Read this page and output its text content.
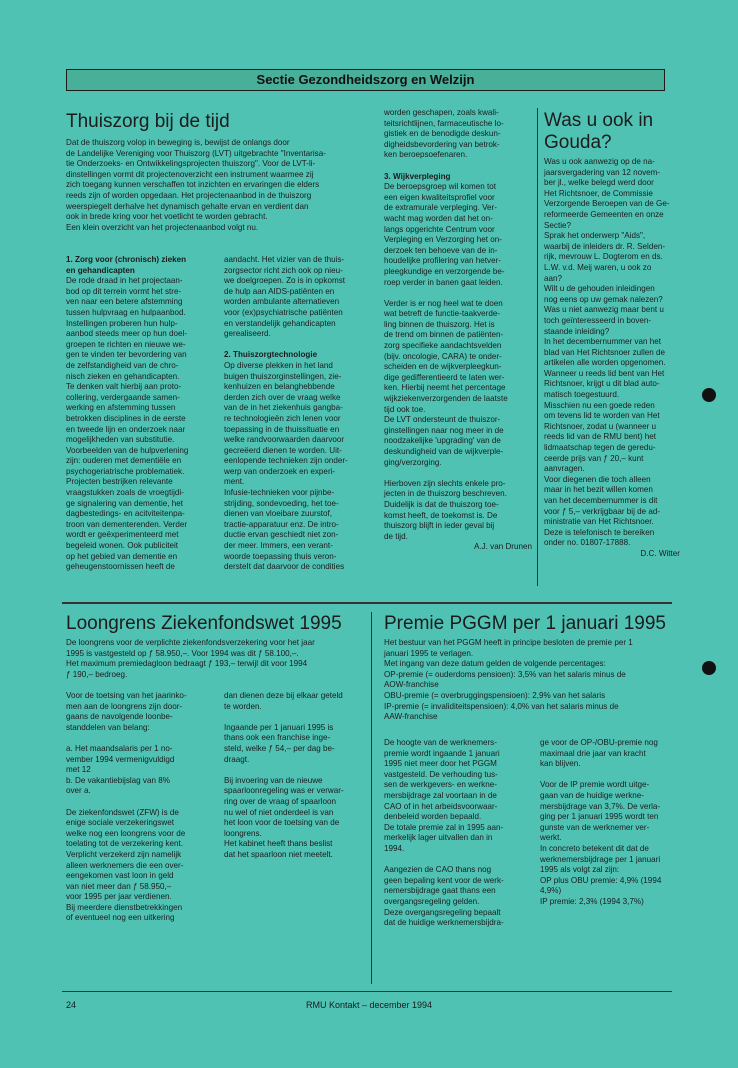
Sectie Gezondheidszorg en Welzijn
Thuiszorg bij de tijd

Dat de thuiszorg volop in beweging is, bewijst de onlangs door
de Landelijke Vereniging voor Thuiszorg (LVT) uitgebrachte "Inventarisa-
tie Onderzoeks- en Ontwikkelingsprojecten thuiszorg". Voor de LVT-li-
dinstellingen vormt dit projectenoverzicht een instrument waarmee zij
zich toegang kunnen verschaffen tot inzichten en ervaringen die elders
reeds zijn of worden opgedaan. Het projectenaanbod in de thuiszorg
weerspiegelt derhalve het dynamisch gehalte ervan en verdient dan
ook in brede kring voor het voetlicht te worden gebracht.
Een klein overzicht van het projectenaanbod volgt nu.

1. Zorg voor (chronisch) zieken
en gehandicapten

De rode draad in het projectaan-
bod op dit terrein vormt het stre-
ven naar een betere afstemming
tussen hulpvraag en hulpaanbod.
Instellingen proberen hun hulp-
aanbod steeds meer op hun doel-
groepen te richten en nieuwe we-
gen te vinden ter bevordering van
de zelfstandigheid van de chro-
nisch zieken en gehandicapten.
Te denken valt hierbij aan proto-
collering, verdergaande samen-
werking en afstemming tussen
betrokken disciplines in de eerste
en tweede lijn en onderzoek naar
mogelijkheden van substitutie.
Voorbeelden van de hulpverlening
zijn: ouderen met dementiële en
psychogeriatrische problematiek.
Projecten bestrijken relevante
vraagstukken zoals de vroegtijdi-
ge signalering van dementie, het
dagbestedings- en acitviteitenpa-
troon van dementerenden. Verder
wordt er geëxperimenteerd met
begeleid wonen. Ook publiciteit
op het gebied van dementie en
geheugenstoornissen heeft de

aandacht. Het vizier van de thuis-
zorgsector richt zich ook op nieu-
we doelgroepen. Zo is in opkomst
de hulp aan AIDS-patiënten en
worden ambulante alternatieven
voor (ex)psychiatrische patiënten
en verstandelijk gehandicapten
gerealiseerd.

2. Thuiszorgtechnologie

Op diverse plekken in het land
buigen thuiszorginstellingen, zie-
kenhuizen en belanghebbende
derden zich over de vraag welke
van de in het ziekenhuis gangba-
re technologieën zich lenen voor
toepassing in de thuissituatie en
welke randvoorwaarden daarvoor
gecreëerd dienen te worden. Uit-
eenlopende technieken zijn onder-
werp van onderzoek en experi-
ment.
Infusie-technieken voor pijnbe-
strijding, sondevoeding, het toe-
dienen van vloeibare zuurstof,
tractie-apparatuur enz. De intro-
ductie ervan geschiedt niet zon-
der meer. Immers, een verant-
woorde toepassing thuis veron-
dersteIt dat daarvoor de condities

worden geschapen, zoals kwali-
teitsrichtlijnen, farmaceutische lo-
gistiek en de benodigde deskun-
digheidsbevordering van betrok-
ken beroepsoefenaren.

3. Wijkverpleging

De beroepsgroep wil komen tot
een eigen kwaliteitsprofiel voor
de extramurale verpleging. Ver-
wacht mag worden dat het on-
langs opgerichte Centrum voor
Verpleging en Verzorging het on-
derzoek ten behoeve van de in-
houdelijke profilering van hetver-
pleegkundige en verzorgende be-
roep verder in banen gaat leiden.

Verder is er nog heel wat te doen
wat betreft de functie-taakverde-
ling binnen de thuiszorg. Het is
de trend om binnen de patiënten-
zorg specifieke aandachtsvelden
(bijv. oncologie, CARA) te onder-
scheiden en de wijkverpleegkun-
dige gedifferentieerd te laten wer-
ken. Hierbij neemt het percentage
wijkziekenverzorgenden de laatste
tijd ook toe.
De LVT ondersteunt de thuiszor-
ginstellingen naar nog meer in de
noodzakelijke 'upgrading' van de
deskundigheid van de wijkverple-
ging/verzorging.

Hierboven zijn slechts enkele pro-
jecten in de thuiszorg beschreven.
Duidelijk is dat de thuiszorg toe-
komst heeft, de toekomst is. De
thuiszorg blijft in ieder geval bij
de tijd.

A.J. van Drunen
Was u ook in
Gouda?

Was u ook aanwezig op de na-
jaarsvergadering van 12 novem-
ber jl., welke belegd werd door
Het Richtsnoer, de Commissie
Verzorgende Beroepen van de Ge-
reformeerde Gemeenten en onze
Sectie?
Sprak het onderwerp "Aids",
waarbij de inleiders dr. R. Selden-
rijk, mevrouw L. Dogterom en ds.
L.W. v.d. Meij waren, u ook zo
aan?
Wilt u de gehouden inleidingen
nog eens op uw gemak nalezen?
Was u niet aanwezig maar bent u
toch geïnteresseerd in boven-
staande inleiding?
In het decembernummer van het
blad van Het Richtsnoer zullen de
artikelen alle worden opgenomen.
Wanneer u reeds lid bent van Het
Richtsnoer, krijgt u dit blad auto-
matisch toegestuurd.
Misschien nu een goede reden
om tevens lid te worden van Het
Richtsnoer, zodat u (wanneer u
reeds lid van de RMU bent) het
lidmaatschap tegen de geredu-
ceerde prijs van ƒ 20,– kunt
aanvragen.
Voor diegenen die toch alleen
maar in het bezit willen komen
van het decembernummer is dit
voor ƒ 5,– verkrijgbaar bij de ad-
ministratie van Het Richtsnoer.
Deze is telefonisch te bereiken
onder no. 01807-17888.

D.C. Witter
Loongrens Ziekenfondswet 1995

De loongrens voor de verplichte ziekenfondsverzekering voor het jaar
1995 is vastgesteld op ƒ 58.950,–. Voor 1994 was dit ƒ 58.100,–.
Het maximum premiedagloon bedraagt ƒ 193,– terwijl dit voor 1994
ƒ 190,– bedroeg.

Voor de toetsing van het jaarinko-
men aan de loongrens zijn door-
gaans de navolgende loonbe-
standdelen van belang:

a. Het maandsalaris per 1 no-
vember 1994 vermenigvuldigd
met 12
b. De vakantiebijslag van 8%
over a.

De ziekenfondswet (ZFW) is de
enige sociale verzekeringswet
welke nog een loongrens voor de
toelating tot de verzekering kent.
Verplicht verzekerd zijn namelijk
alleen werknemers die een over-
eengekomen vast loon in geld
van niet meer dan ƒ 58.950,–
voor 1995 per jaar verdienen.
Bij meerdere dienstbetrekkingen
of eventueel nog een uitkering

dan dienen deze bij elkaar geteld
te worden.

Ingaande per 1 januari 1995 is
thans ook een franchise inge-
steld, welke ƒ 54,– per dag be-
draagt.

Bij invoering van de nieuwe
spaarloonregeling was er verwar-
ring over de vraag of spaarloon
nu wel of niet onderdeel is van
het loon voor de toetsing van de
loongrens.
Het kabinet heeft thans beslist
dat het spaarloon niet meetelt.

Premie PGGM per 1 januari 1995

Het bestuur van het PGGM heeft in principe besloten de premie per 1
januari 1995 te verlagen.
Met ingang van deze datum gelden de volgende percentages:
OP-premie (= ouderdoms pensioen): 3,5% van het salaris minus de
AOW-franchise
OBU-premie (= overbruggingspensioen): 2,9% van het salaris
IP-premie (= invaliditeitspensioen): 4,0% van het salaris minus de
AAW-franchise

De hoogte van de werknemers-
premie wordt ingaande 1 januari
1995 niet meer door het PGGM
vastgesteld. De verhouding tus-
sen de werkgevers- en werkne-
mersbijdrage zal voortaan in de
CAO of in het arbeidsvoorwaar-
denbeleid worden bepaald.
De totale premie zal in 1995 aan-
merkelijk lager uitvallen dan in
1994.

Aangezien de CAO thans nog
geen bepaling kent voor de werk-
nemersbijdrage gaat thans een
overgangsregeling gelden.
Deze overgangsregeling bepaalt
dat de huidige werknemersbijdra-

ge voor de OP-/OBU-premie nog
maximaal drie jaar van kracht
kan blijven.

Voor de IP premie wordt uitge-
gaan van de huidige werkne-
mersbijdrage van 3,7%. De verla-
ging per 1 januari 1995 wordt ten
gunste van de werknemer ver-
werkt.
In concreto betekent dit dat de
werknemersbijdrage per 1 januari
1995 als volgt zal zijn:
OP plus OBU premie: 4,9% (1994
4,9%)
IP premie: 2,3% (1994 3,7%)

24	RMU Kontakt – december 1994
